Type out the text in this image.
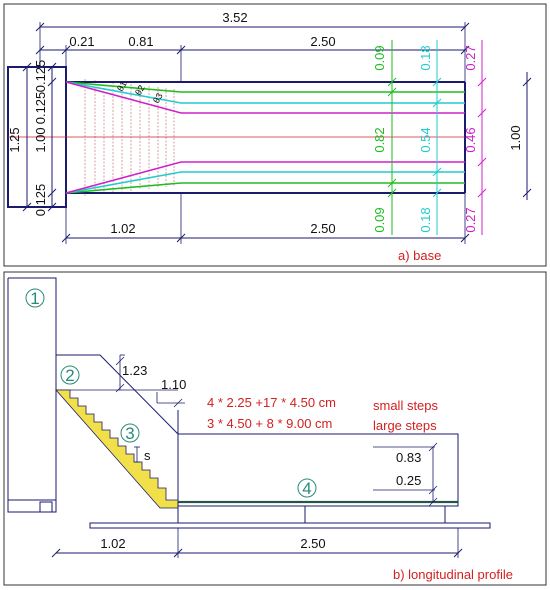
3.52
0.21	0.81	2.50
1.25
0.125
0.125
1.00
0.125
θ1 θ2
θ3
1.02	2.50
0.09
0.82
0.09
0.18
0.54
0.18
0.27
0.46
0.27
1.00
a) base
1
2	1.23
1.10
3
s
4 * 2.25 +17 * 4.50 cm	small steps
3 * 4.50 + 8 * 9.00 cm	large steps
4
0.83
0.25
1.02	2.50
b) longitudinal profile
